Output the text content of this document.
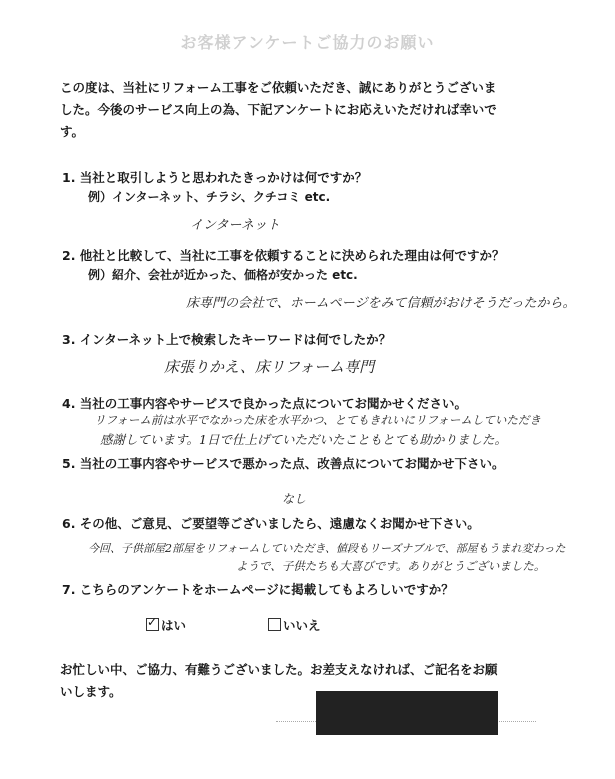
お客様アンケートご協力のお願い
この度は、当社にリフォーム工事をご依頼いただき、誠にありがとうございま
した。今後のサービス向上の為、下記アンケートにお応えいただければ幸いで
す。
1. 当社と取引しようと思われたきっかけは何ですか？
例）インターネット、チラシ、クチコミ etc.
インターネット
2. 他社と比較して、当社に工事を依頼することに決められた理由は何ですか？
例）紹介、会社が近かった、価格が安かった etc.
床専門の会社で、ホームページをみて信頼がおけそうだったから。
3. インターネット上で検索したキーワードは何でしたか？
床張りかえ、床リフォーム専門
4. 当社の工事内容やサービスで良かった点についてお聞かせください。
リフォーム前は水平でなかった床を水平かつ、とてもきれいにリフォームしていただき
感謝しています。1日で仕上げていただいたこともとても助かりました。
5. 当社の工事内容やサービスで悪かった点、改善点についてお聞かせ下さい。
なし
6. その他、ご意見、ご要望等ございましたら、遠慮なくお聞かせ下さい。
今回、子供部屋2部屋をリフォームしていただき、値段もリーズナブルで、部屋もうまれ変わった
ようで、子供たちも大喜びです。ありがとうございました。
7. こちらのアンケートをホームページに掲載してもよろしいですか？
✓はい	いいえ
お忙しい中、ご協力、有難うございました。お差支えなければ、ご記名をお願
いします。
